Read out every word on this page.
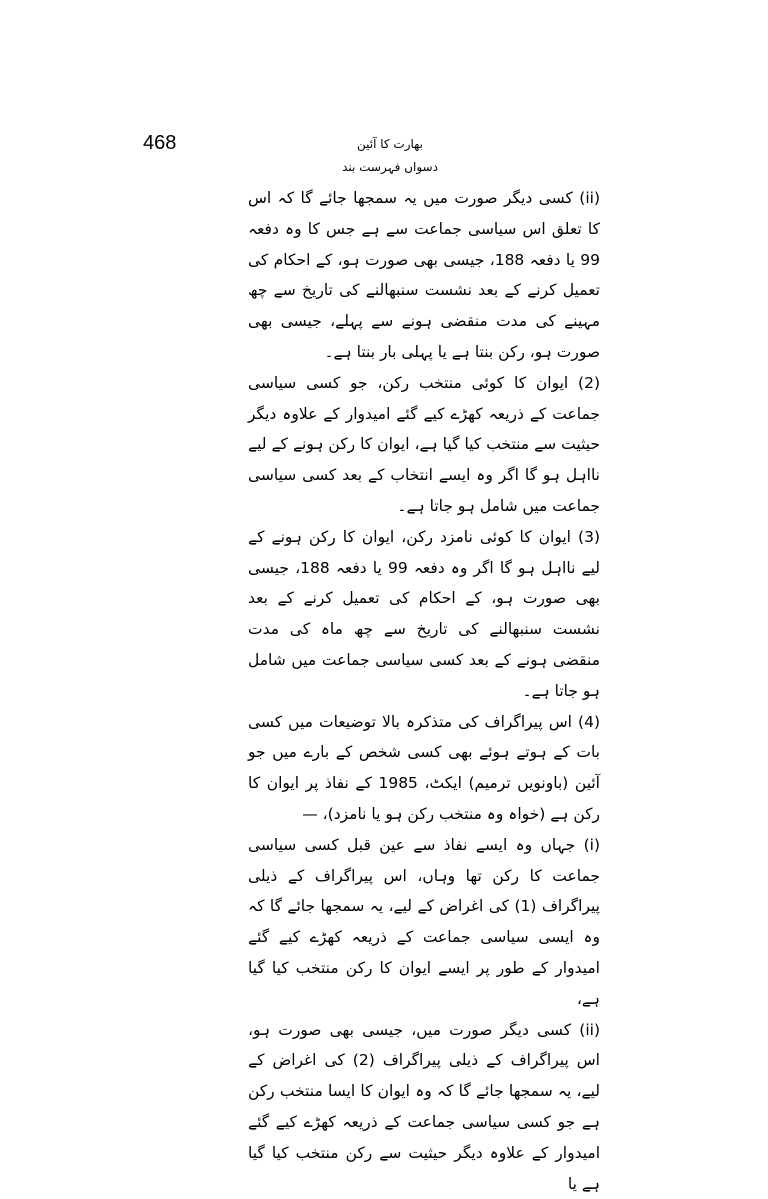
468	بھارت کا آئین
دسواں فہرست بند

(ii) کسی دیگر صورت میں یہ سمجھا جائے گا کہ اس کا تعلق اس سیاسی جماعت سے ہے جس کا وہ دفعہ 99 یا دفعہ 188، جیسی بھی صورت ہو، کے احکام کی تعمیل کرنے کے بعد نشست سنبھالنے کی تاریخ سے چھ مہینے کی مدت منقضی ہونے سے پہلے، جیسی بھی صورت ہو، رکن بنتا ہے یا پہلی بار بنتا ہے۔

(2) ایوان کا کوئی منتخب رکن، جو کسی سیاسی جماعت کے ذریعہ کھڑے کیے گئے امیدوار کے علاوہ دیگر حیثیت سے منتخب کیا گیا ہے، ایوان کا رکن ہونے کے لیے نااہل ہو گا اگر وہ ایسے انتخاب کے بعد کسی سیاسی جماعت میں شامل ہو جاتا ہے۔

(3) ایوان کا کوئی نامزد رکن، ایوان کا رکن ہونے کے لیے نااہل ہو گا اگر وہ دفعہ 99 یا دفعہ 188، جیسی بھی صورت ہو، کے احکام کی تعمیل کرنے کے بعد نشست سنبھالنے کی تاریخ سے چھ ماہ کی مدت منقضی ہونے کے بعد کسی سیاسی جماعت میں شامل ہو جاتا ہے۔

(4) اس پیراگراف کی متذکرہ بالا توضیعات میں کسی بات کے ہوتے ہوئے بھی کسی شخص کے بارے میں جو آئین (باونویں ترمیم) ایکٹ، 1985 کے نفاذ پر ایوان کا رکن ہے (خواہ وہ منتخب رکن ہو یا نامزد)، —

(i) جہاں وہ ایسے نفاذ سے عین قبل کسی سیاسی جماعت کا رکن تھا وہاں، اس پیراگراف کے ذیلی پیراگراف (1) کی اغراض کے لیے، یہ سمجھا جائے گا کہ وہ ایسی سیاسی جماعت کے ذریعہ کھڑے کیے گئے امیدوار کے طور پر ایسے ایوان کا رکن منتخب کیا گیا ہے،

(ii) کسی دیگر صورت میں، جیسی بھی صورت ہو، اس پیراگراف کے ذیلی پیراگراف (2) کی اغراض کے لیے، یہ سمجھا جائے گا کہ وہ ایوان کا ایسا منتخب رکن ہے جو کسی سیاسی جماعت کے ذریعہ کھڑے کیے گئے امیدوار کے علاوہ دیگر حیثیت سے رکن منتخب کیا گیا ہے یا
